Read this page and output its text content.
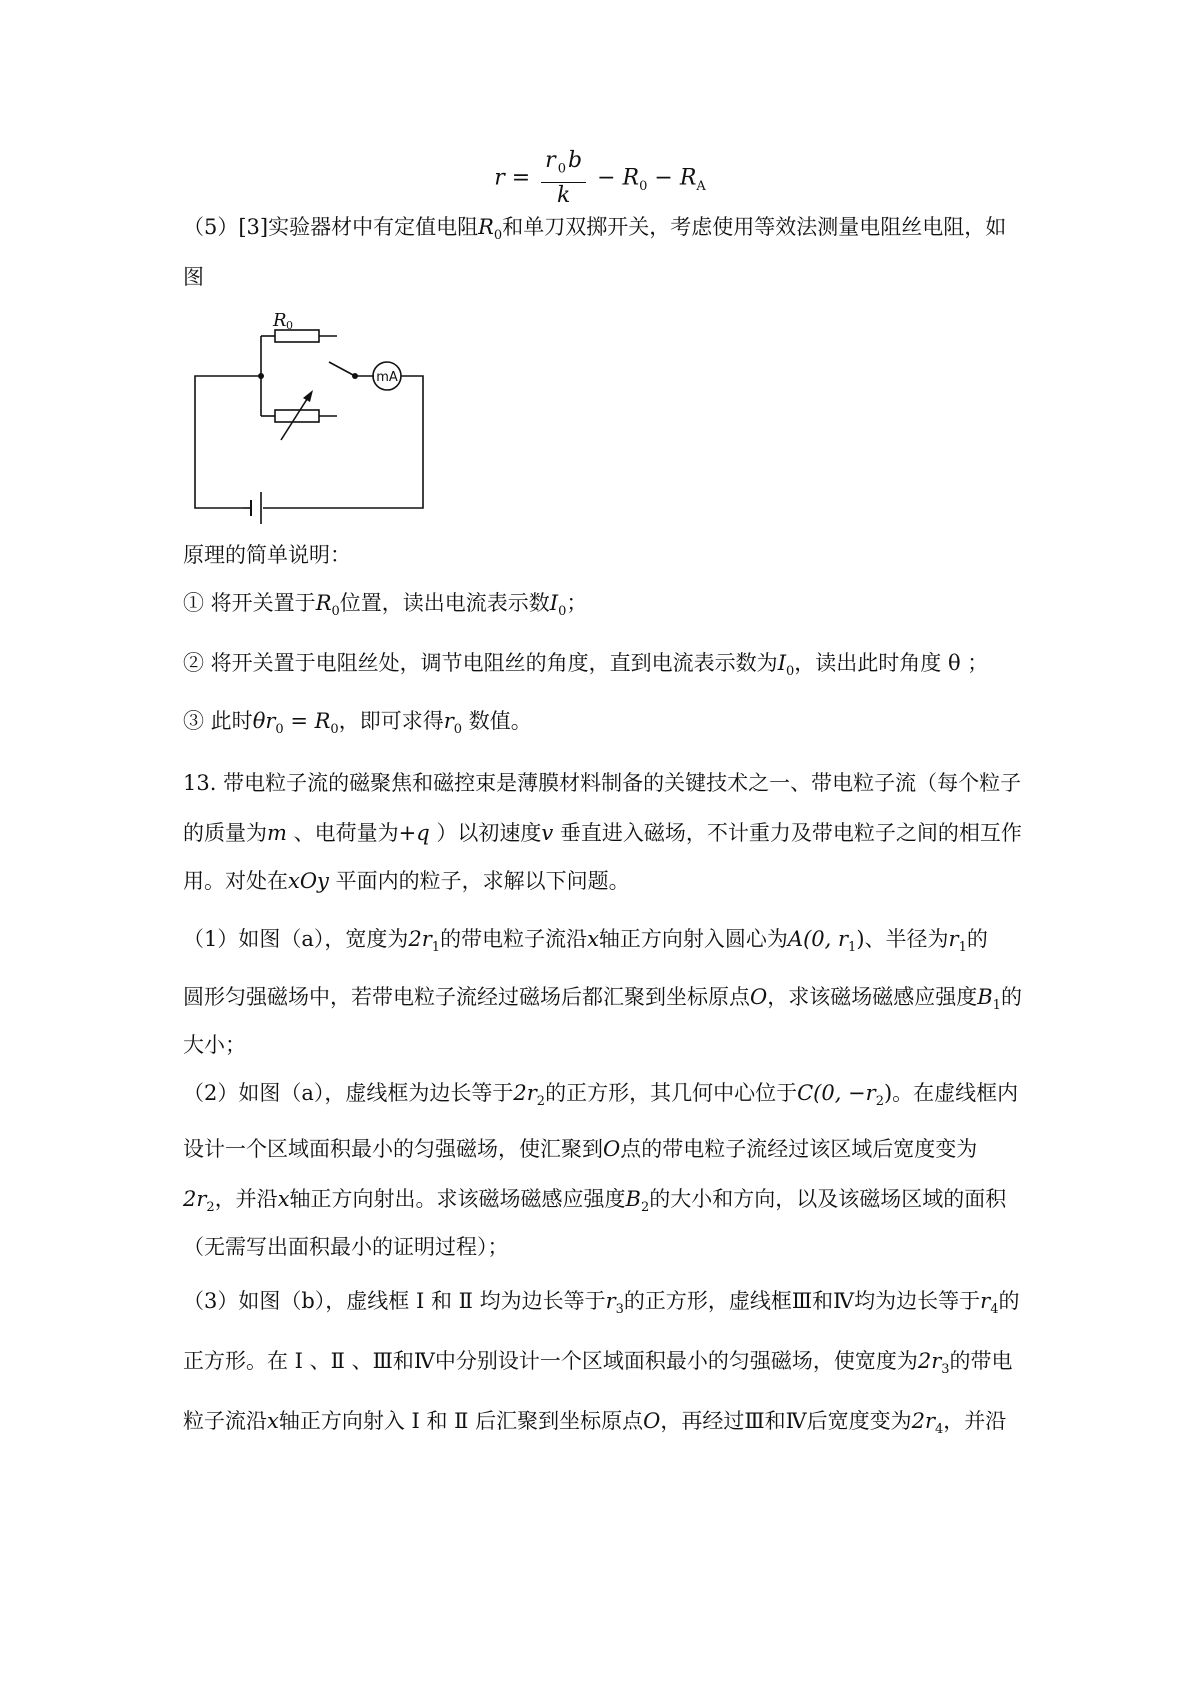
$r = \frac{r _0b}{k} - R_0 - R_A$
（5）[3]实验器材中有定值电阻$R_0$和单刀双掷开关，考虑使用等效法测量电阻丝电阻，如
图
R 0
mA
原理的简单说明：
① 将开关置于$R_0$位置，读出电流表示数$I_0$；
② 将开关置于电阻丝处，调节电阻丝的角度，直到电流表示数为$I_0$，读出此时角度 θ ；
③ 此时$\theta r_0 = R_0$，即可求得$r_0$ 数值。
13. 带电粒子流的磁聚焦和磁控束是薄膜材料制备的关键技术之一、带电粒子流（每个粒子
的质量为m 、电荷量为+q ）以初速度v 垂直进入磁场，不计重力及带电粒子之间的相互作
用。对处在xOy 平面内的粒子，求解以下问题。
（1）如图（a），宽度为$2r_1$的带电粒子流沿x轴正方向射入圆心为A(0, $r_1$)、半径为$r_1$的
圆形匀强磁场中，若带电粒子流经过磁场后都汇聚到坐标原点O，求该磁场磁感应强度$B_1$的
大小；
（2）如图（a），虚线框为边长等于$2r_2$的正方形，其几何中心位于C(0, $-r_2$)。在虚线框内
设计一个区域面积最小的匀强磁场，使汇聚到O点的带电粒子流经过该区域后宽度变为
$2r_2$，并沿x轴正方向射出。求该磁场磁感应强度$B_2$的大小和方向，以及该磁场区域的面积
（无需写出面积最小的证明过程）；
（3）如图（b），虚线框 Ⅰ 和 Ⅱ 均为边长等于$r_3$的正方形，虚线框Ⅲ和Ⅳ均为边长等于$r_4$的
正方形。在 Ⅰ 、Ⅱ 、Ⅲ和Ⅳ中分别设计一个区域面积最小的匀强磁场，使宽度为$2r_3$的带电
粒子流沿x轴正方向射入 Ⅰ 和 Ⅱ 后汇聚到坐标原点O，再经过Ⅲ和Ⅳ后宽度变为$2r_4$，并沿
